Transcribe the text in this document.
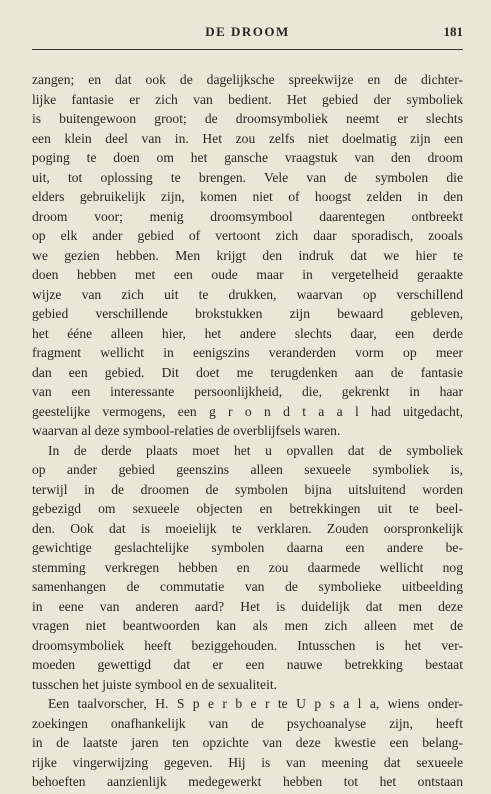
DE DROOM	181
zangen; en dat ook de dagelijksche spreekwijze en de dichter-
lijke fantasie er zich van bedient. Het gebied der symboliek
is buitengewoon groot; de droomsymboliek neemt er slechts
een klein deel van in. Het zou zelfs niet doelmatig zijn een
poging te doen om het gansche vraagstuk van den droom
uit, tot oplossing te brengen. Vele van de symbolen die
elders gebruikelijk zijn, komen niet of hoogst zelden in den
droom voor; menig droomsymbool daarentegen ontbreekt
op elk ander gebied of vertoont zich daar sporadisch, zooals
we gezien hebben. Men krijgt den indruk dat we hier te
doen hebben met een oude maar in vergetelheid geraakte
wijze van zich uit te drukken, waarvan op verschillend
gebied verschillende brokstukken zijn bewaard gebleven,
het ééne alleen hier, het andere slechts daar, een derde
fragment wellicht in eenigszins veranderden vorm op meer
dan een gebied. Dit doet me terugdenken aan de fantasie
van een interessante persoonlijkheid, die, gekrenkt in haar
geestelijke vermogens, een g r o n d t a a l had uitgedacht,
waarvan al deze symbool-relaties de overblijfsels waren.
In de derde plaats moet het u opvallen dat de symboliek
op ander gebied geenszins alleen sexueele symboliek is,
terwijl in de droomen de symbolen bijna uitsluitend worden
gebezigd om sexueele objecten en betrekkingen uit te beel-
den. Ook dat is moeielijk te verklaren. Zouden oorspronkelijk
gewichtige geslachtelijke symbolen daarna een andere be-
stemming verkregen hebben en zou daarmede wellicht nog
samenhangen de commutatie van de symbolieke uitbeelding
in eene van anderen aard? Het is duidelijk dat men deze
vragen niet beantwoorden kan als men zich alleen met de
droomsymboliek heeft beziggehouden. Intusschen is het ver-
moeden gewettigd dat er een nauwe betrekking bestaat
tusschen het juiste symbool en de sexualiteit.
Een taalvorscher, H. S p e r b e r te U p s a l a, wiens onder-
zoekingen onafhankelijk van de psychoanalyse zijn, heeft
in de laatste jaren ten opzichte van deze kwestie een belang-
rijke vingerwijzing gegeven. Hij is van meening dat sexueele
behoeften aanzienlijk medegewerkt hebben tot het ontstaan
